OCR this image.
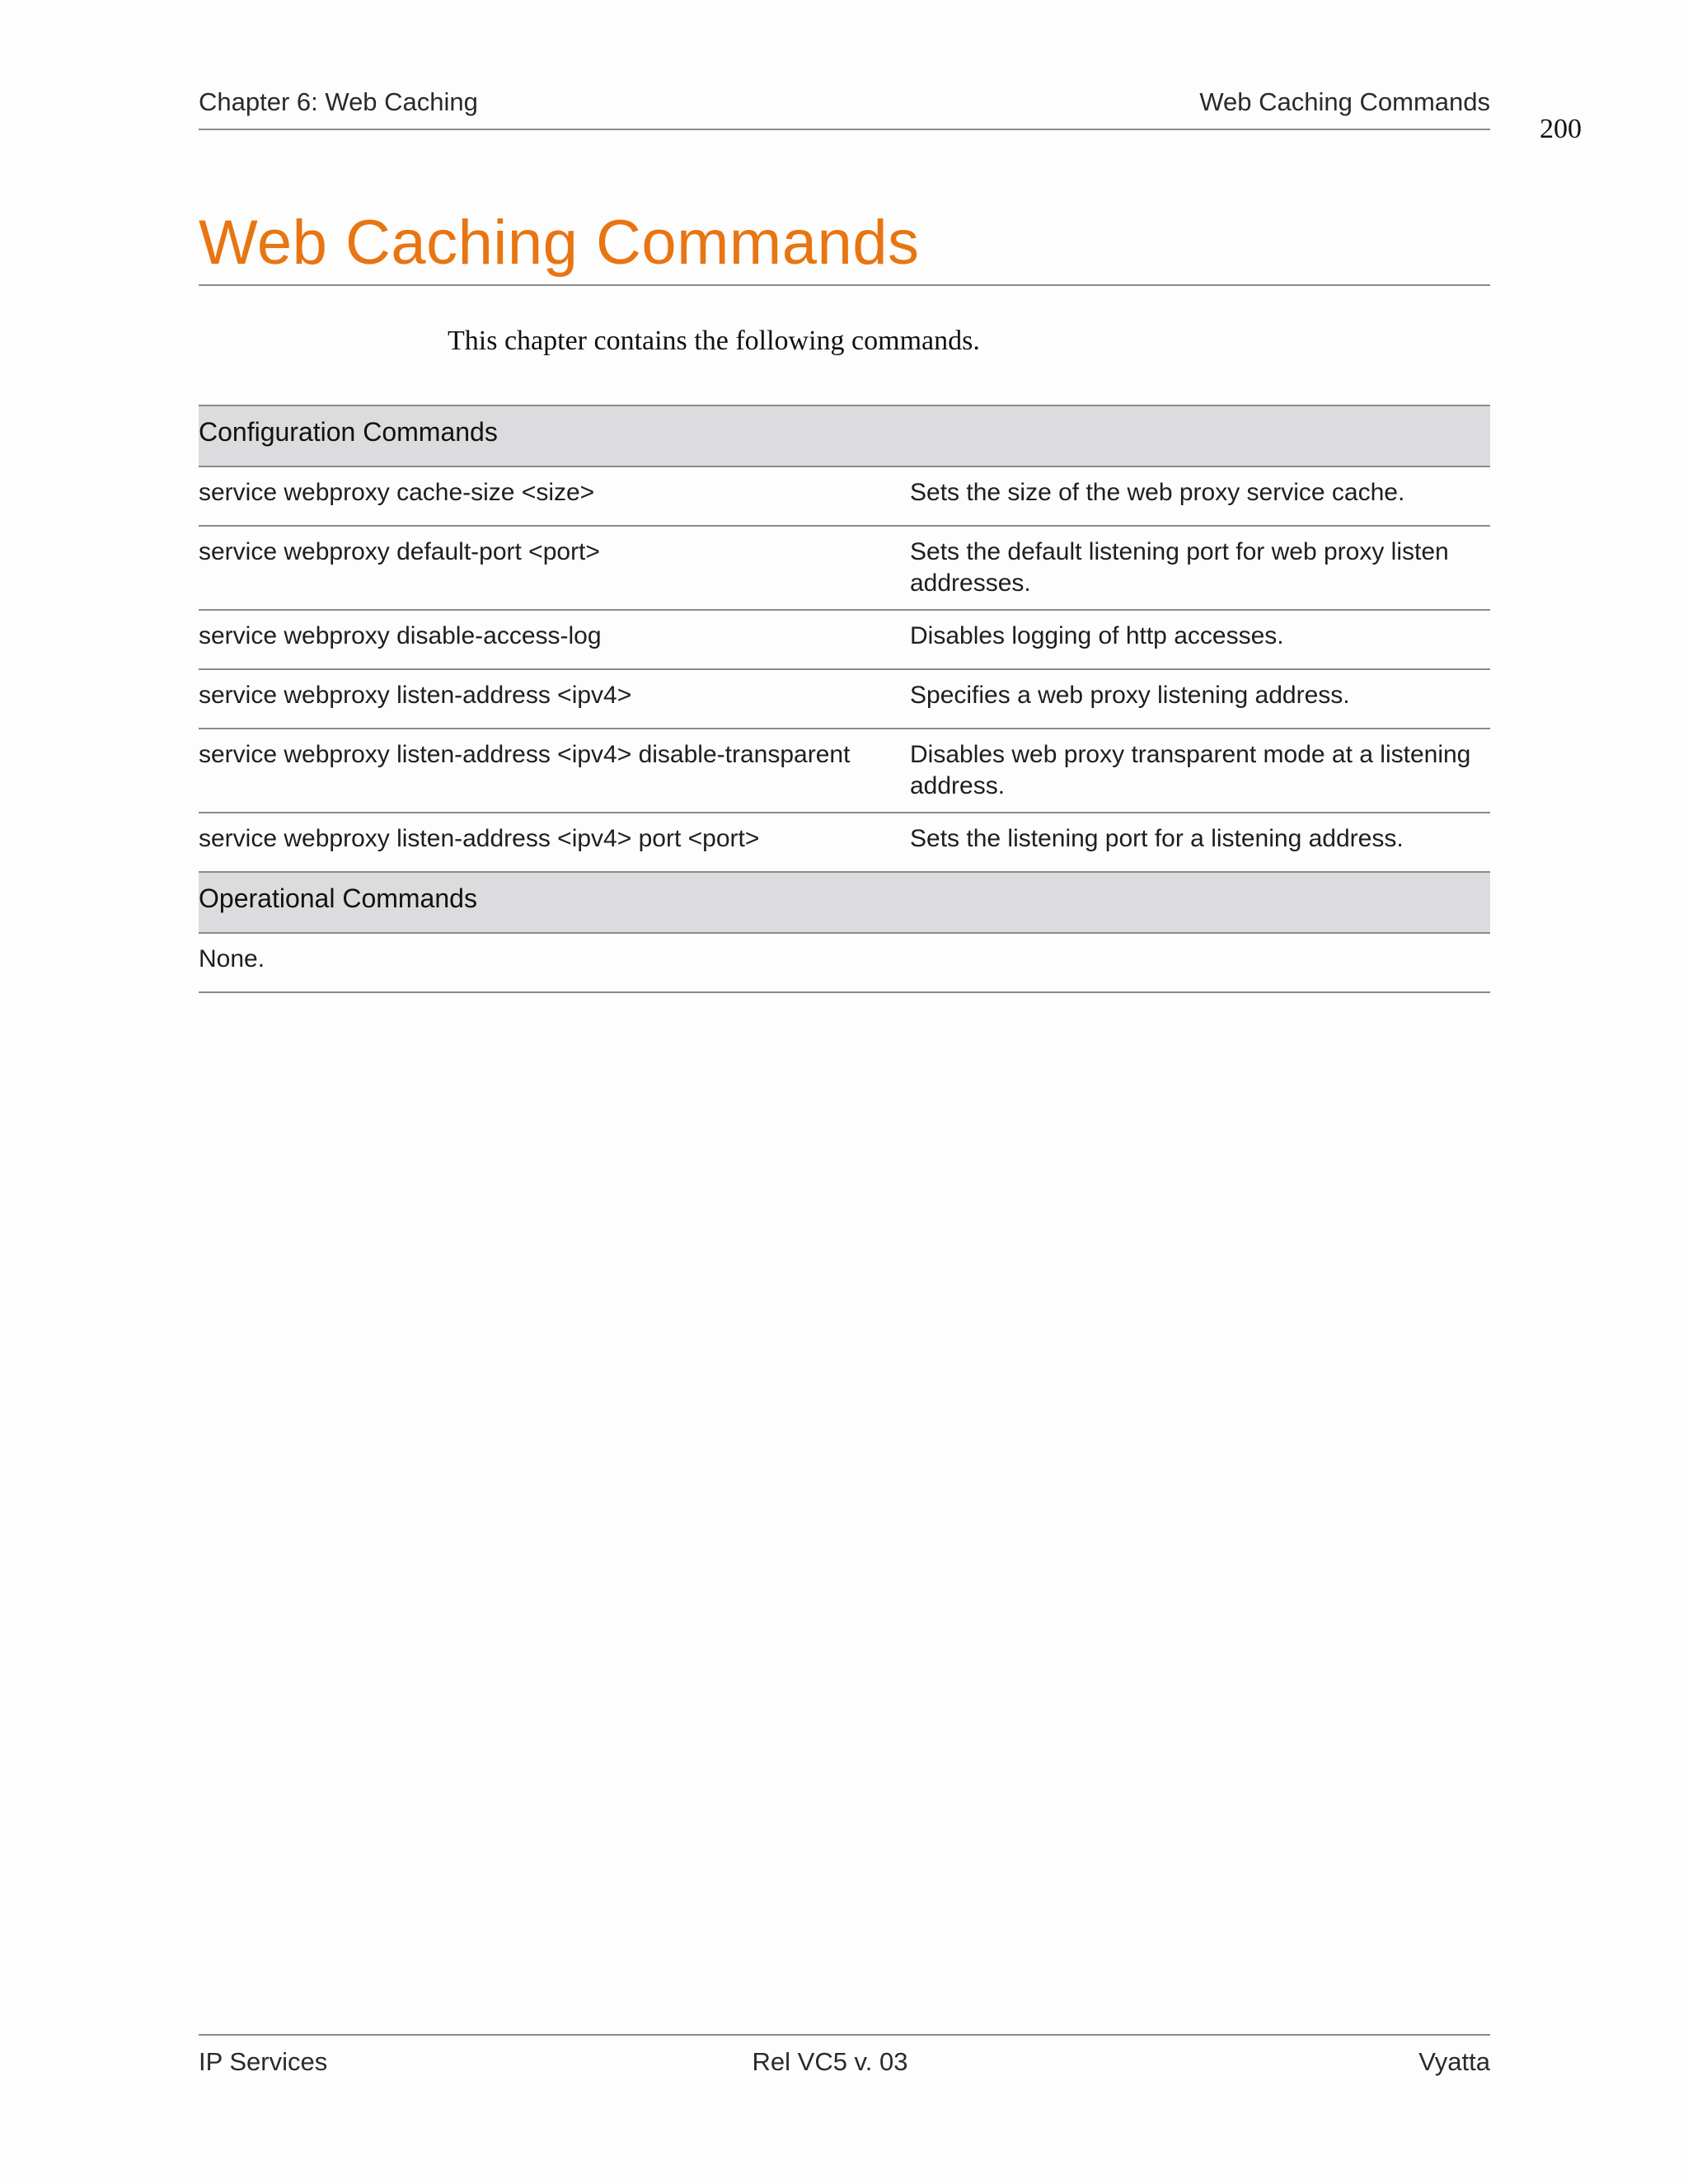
200
Chapter 6: Web Caching	Web Caching Commands
Web Caching Commands
This chapter contains the following commands.
Configuration Commands	
service webproxy cache-size <size>	Sets the size of the web proxy service cache.
service webproxy default-port <port>	Sets the default listening port for web proxy listen addresses.
service webproxy disable-access-log	Disables logging of http accesses.
service webproxy listen-address <ipv4>	Specifies a web proxy listening address.
service webproxy listen-address <ipv4> disable-transparent	Disables web proxy transparent mode at a listening address.
service webproxy listen-address <ipv4> port <port>	Sets the listening port for a listening address.
Operational Commands	
None.	
IP Services	Rel VC5 v. 03	Vyatta
